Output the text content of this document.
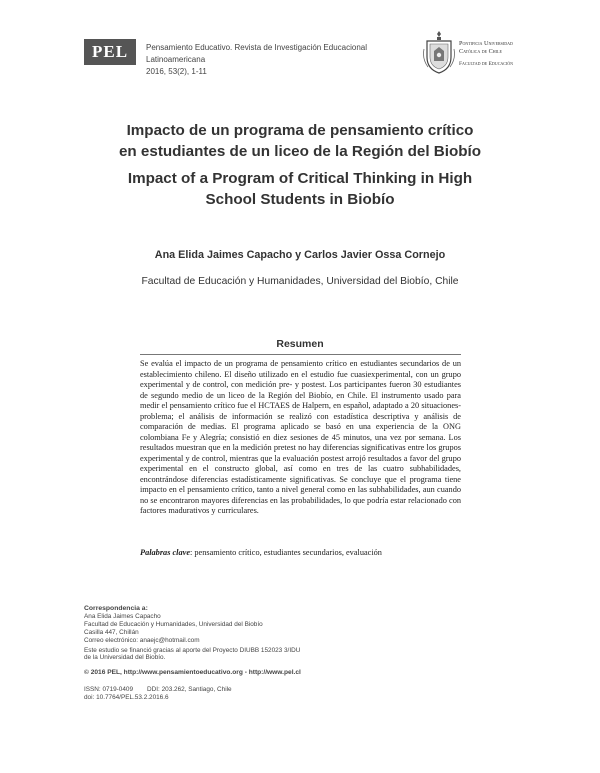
PEL	Pensamiento Educativo. Revista de Investigación Educacional Latinoamericana
2016, 53(2), 1-11
Pontificia Universidad
Católica de Chile
Facultad de Educación
Impacto de un programa de pensamiento crítico
en estudiantes de un liceo de la Región del Biobío
Impact of a Program of Critical Thinking in High
School Students in Biobío
Ana Elida Jaimes Capacho y Carlos Javier Ossa Cornejo
Facultad de Educación y Humanidades, Universidad del Biobío, Chile
Resumen

Se evalúa el impacto de un programa de pensamiento crítico en estudiantes secundarios de un establecimiento chileno. El diseño utilizado en el estudio fue cuasiexperimental, con un grupo experimental y de control, con medición pre- y postest. Los participantes fueron 30 estudiantes de segundo medio de un liceo de la Región del Biobío, en Chile. El instrumento usado para medir el pensamiento crítico fue el HCTAES de Halpern, en español, adaptado a 20 situaciones-problema; el análisis de información se realizó con estadística descriptiva y análisis de comparación de medias. El programa aplicado se basó en una experiencia de la ONG colombiana Fe y Alegría; consistió en diez sesiones de 45 minutos, una vez por semana. Los resultados muestran que en la medición pretest no hay diferencias significativas entre los grupos experimental y de control, mientras que la evaluación postest arrojó resultados a favor del grupo experimental en el constructo global, así como en tres de las cuatro subhabilidades, encontrándose diferencias estadísticamente significativas. Se concluye que el programa tiene impacto en el pensamiento crítico, tanto a nivel general como en las subhabilidades, aun cuando no se encontraron mayores diferencias en las probabilidades, lo que podría estar relacionado con factores madurativos y curriculares.

Palabras clave: pensamiento crítico, estudiantes secundarios, evaluación
Correspondencia a:
Ana Elida Jaimes Capacho
Facultad de Educación y Humanidades, Universidad del Biobío
Casilla 447, Chillán
Correo electrónico: anaejc@hotmail.com
Este estudio se financió gracias al aporte del Proyecto DIUBB 152023 3/IDU
de la Universidad del Biobío.
© 2016 PEL, http://www.pensamientoeducativo.org - http://www.pel.cl
ISSN: 0719-0409 DDI: 203.262, Santiago, Chile
doi: 10.7764/PEL.53.2.2016.6
